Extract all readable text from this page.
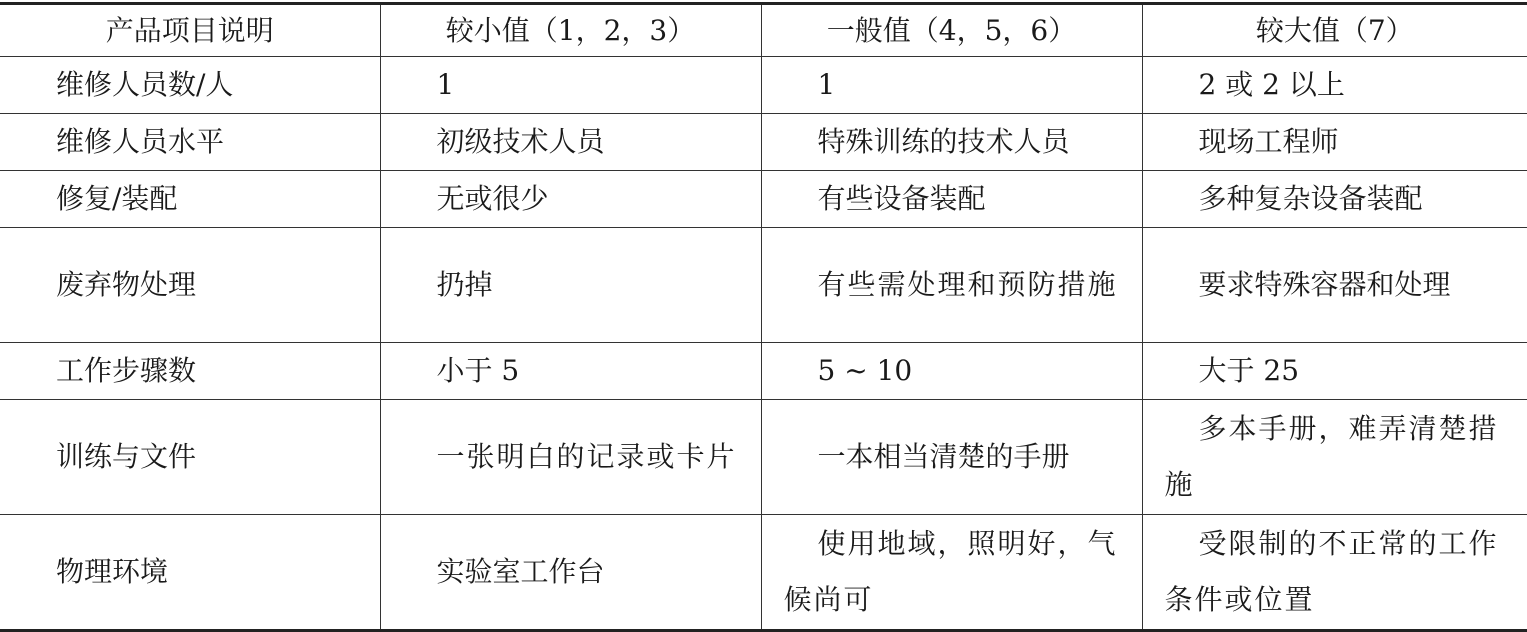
产品项目说明	较小值（1，2，3）	一般值（4，5，6）	较大值（7）
维修人员数/人	1	1	2 或 2 以上
维修人员水平	初级技术人员	特殊训练的技术人员	现场工程师
修复/装配	无或很少	有些设备装配	多种复杂设备装配
废弃物处理	扔掉	有些需处理和预防措施	要求特殊容器和处理
工作步骤数	小于 5	5 ~ 10	大于 25
训练与文件	一张明白的记录或卡片	一本相当清楚的手册	多本手册，难弄清楚措施
物理环境	实验室工作台	使用地域，照明好，气候尚可	受限制的不正常的工作条件或位置
